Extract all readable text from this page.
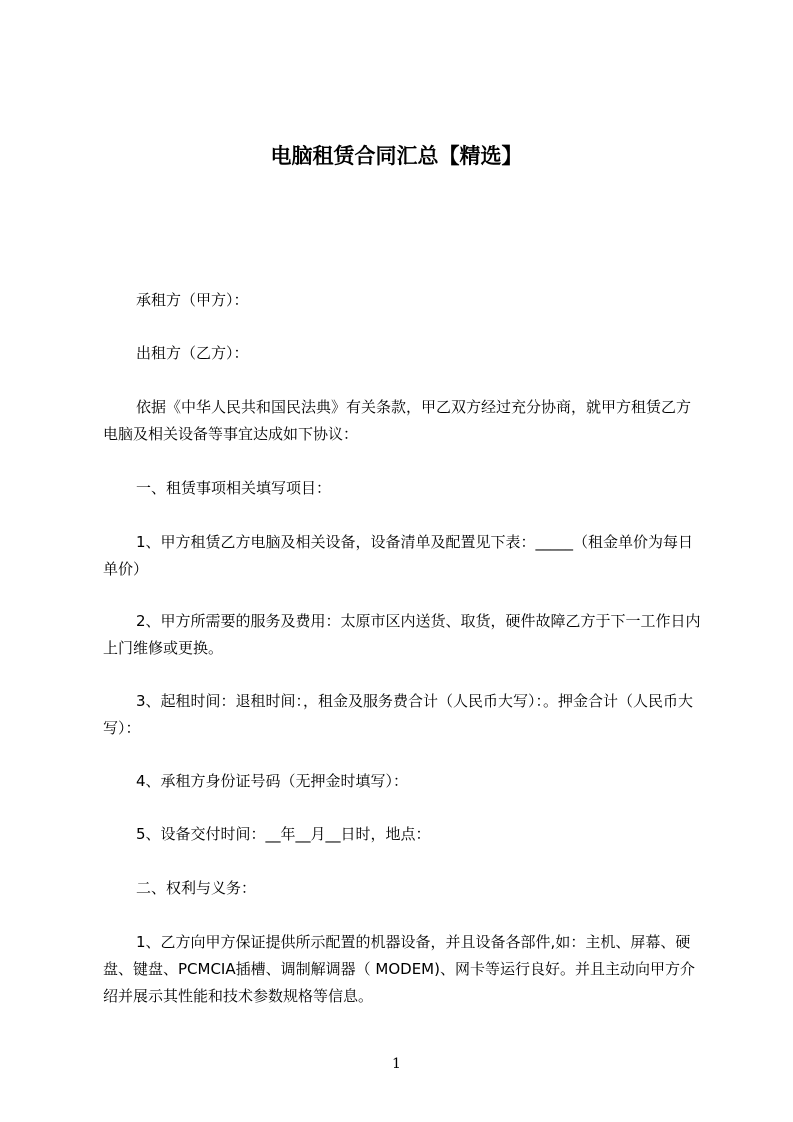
电脑租赁合同汇总【精选】

承租方（甲方）：

出租方（乙方）：

依据《中华人民共和国民法典》有关条款，甲乙双方经过充分协商，就甲方租赁乙方电脑及相关设备等事宜达成如下协议：

一、租赁事项相关填写项目：

1、甲方租赁乙方电脑及相关设备，设备清单及配置见下表：_____（租金单价为每日单价）

2、甲方所需要的服务及费用：太原市区内送货、取货，硬件故障乙方于下一工作日内上门维修或更换。

3、起租时间：退租时间：，租金及服务费合计（人民币大写）：。押金合计（人民币大写）：

4、承租方身份证号码（无押金时填写）：

5、设备交付时间：__年__月__日时，地点：

二、权利与义务：

1、乙方向甲方保证提供所示配置的机器设备，并且设备各部件,如：主机、屏幕、硬盘、键盘、PCMCIA插槽、调制解调器（ MODEM)、网卡等运行良好。并且主动向甲方介绍并展示其性能和技术参数规格等信息。

1
